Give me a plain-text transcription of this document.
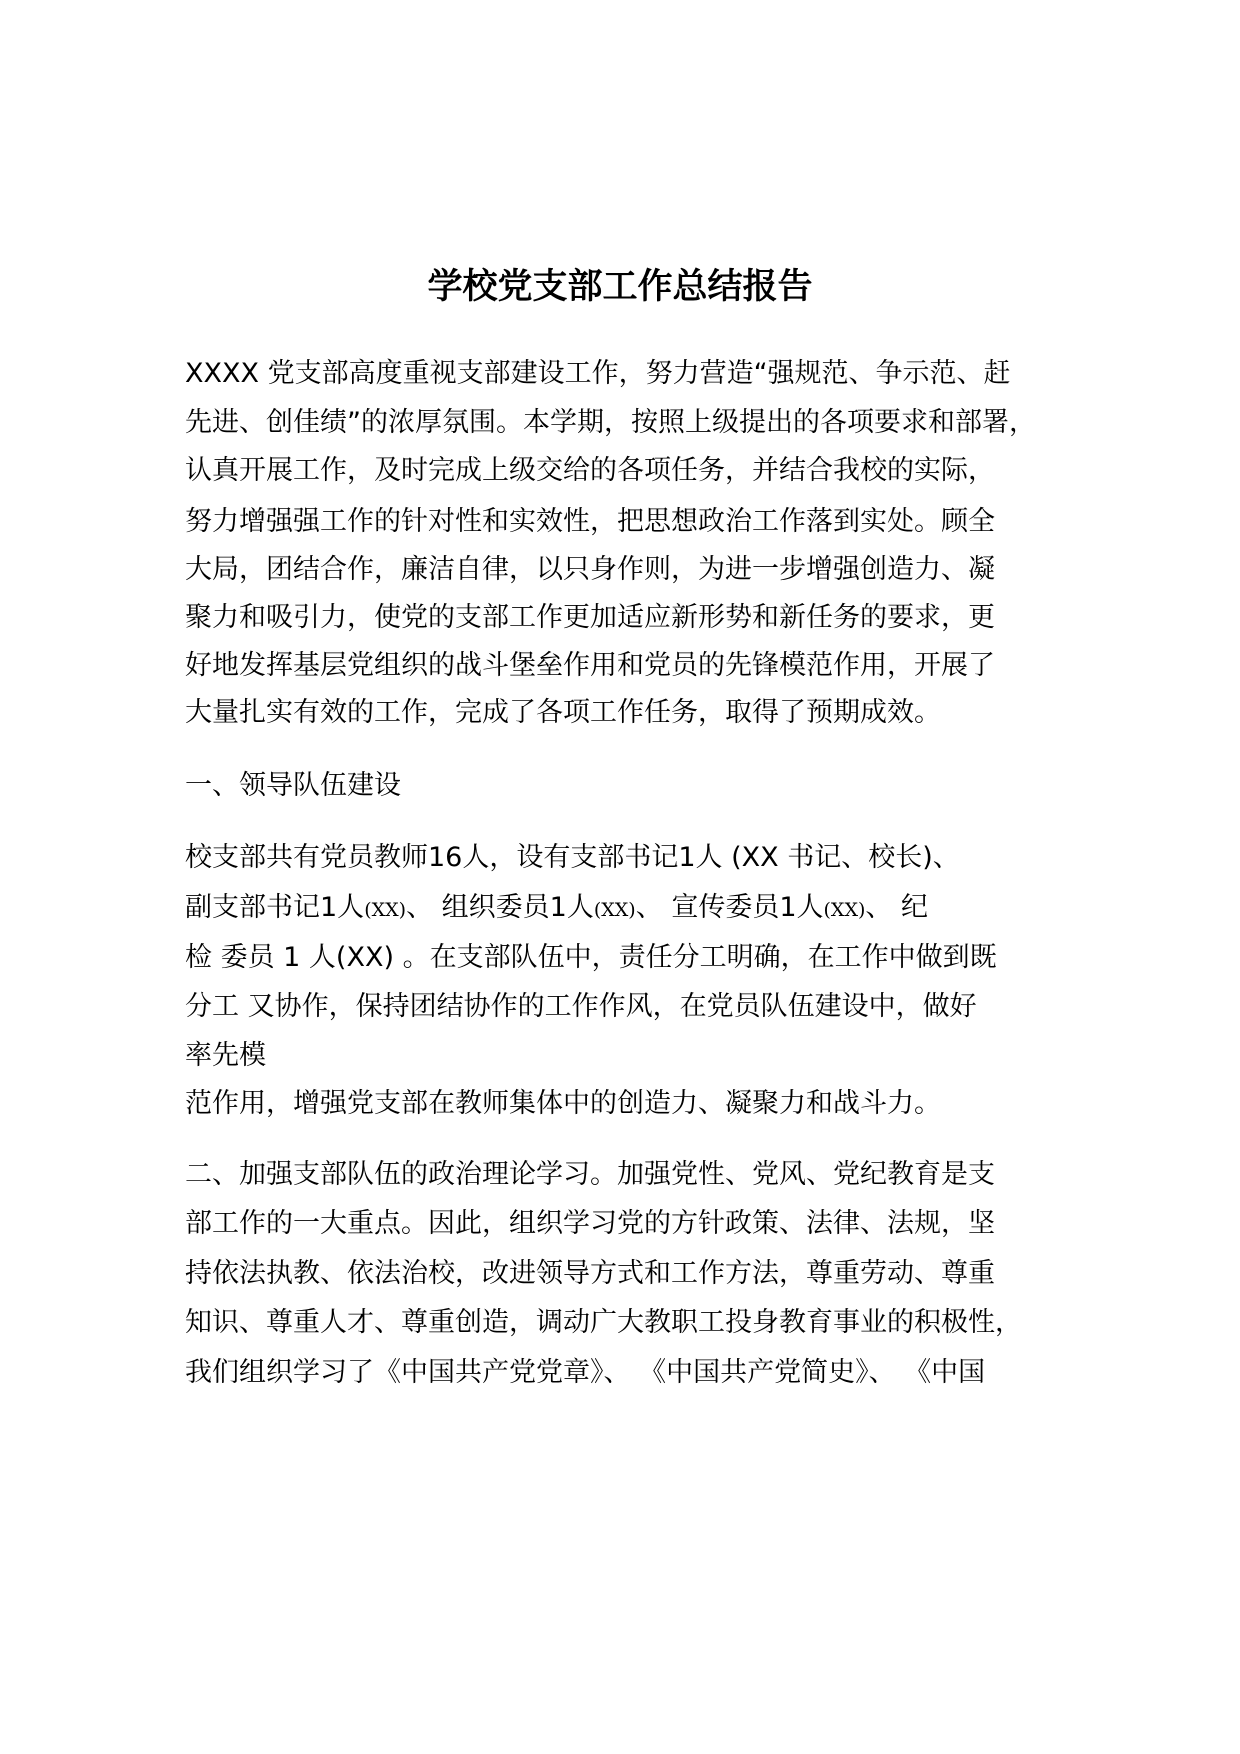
学校党支部工作总结报告
XXXX 党支部高度重视支部建设工作，努力营造“强规范、争示范、赶
先进、创佳绩”的浓厚氛围。本学期，按照上级提出的各项要求和部署，
认真开展工作，及时完成上级交给的各项任务，并结合我校的实际，
努力增强强工作的针对性和实效性，把思想政治工作落到实处。顾全
大局，团结合作，廉洁自律，以只身作则，为进一步增强创造力、凝
聚力和吸引力，使党的支部工作更加适应新形势和新任务的要求，更
好地发挥基层党组织的战斗堡垒作用和党员的先锋模范作用，开展了
大量扎实有效的工作，完成了各项工作任务，取得了预期成效。
一、领导队伍建设
校支部共有党员教师16人，设有支部书记1人 (XX 书记、校长)、
副支部书记1人(XX)、 组织委员1人(XX)、 宣传委员1人(XX)、 纪
检 委员 1 人(XX) 。在支部队伍中，责任分工明确，在工作中做到既
分工 又协作，保持团结协作的工作作风，在党员队伍建设中，做好
率先模
范作用，增强党支部在教师集体中的创造力、凝聚力和战斗力。
二、加强支部队伍的政治理论学习。加强党性、党风、党纪教育是支
部工作的一大重点。因此，组织学习党的方针政策、法律、法规，坚
持依法执教、依法治校，改进领导方式和工作方法，尊重劳动、尊重
知识、尊重人才、尊重创造，调动广大教职工投身教育事业的积极性，
我们组织学习了《中国共产党党章》、 《中国共产党简史》、 《中国
